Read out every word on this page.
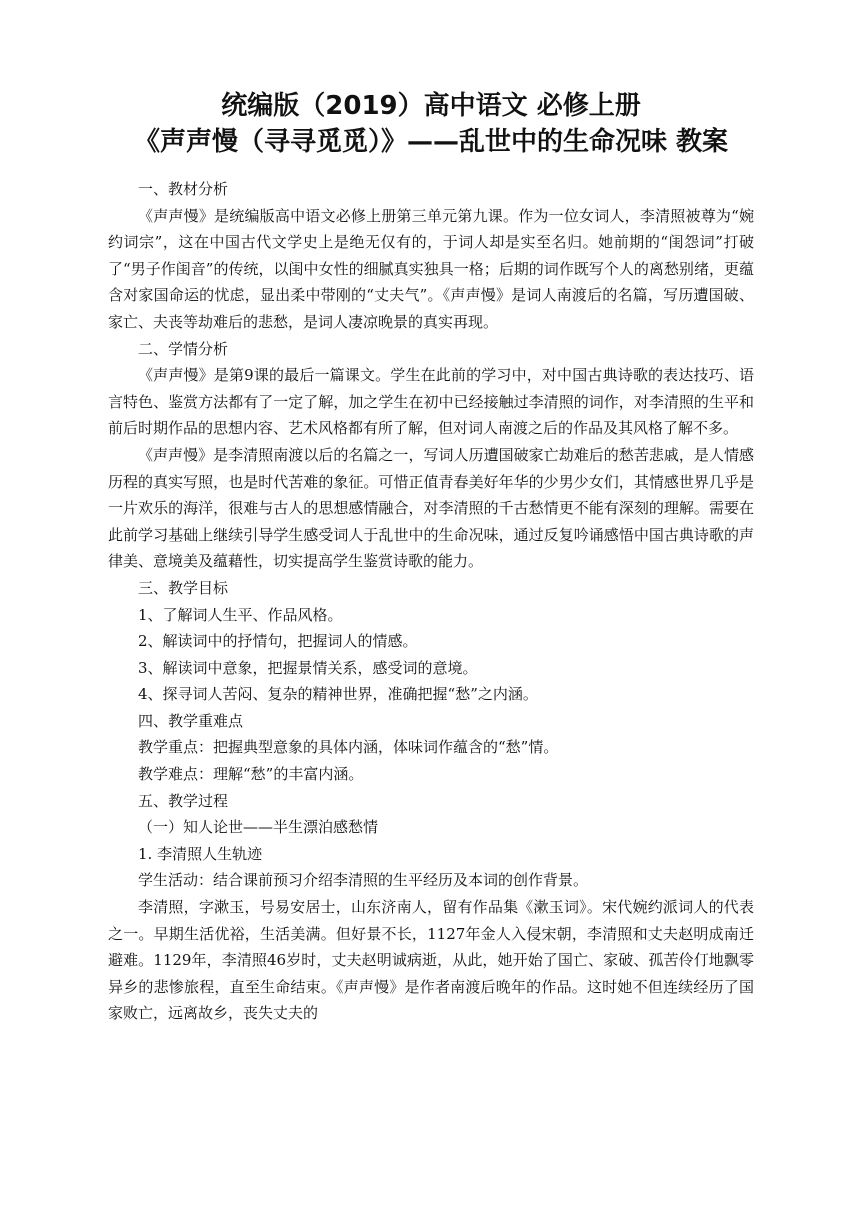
统编版（2019）高中语文 必修上册
《声声慢（寻寻觅觅）》——乱世中的生命况味 教案

一、教材分析

《声声慢》是统编版高中语文必修上册第三单元第九课。作为一位女词人，李清照被尊为“婉约词宗”，这在中国古代文学史上是绝无仅有的，于词人却是实至名归。她前期的“闺怨词”打破了“男子作闺音”的传统，以闺中女性的细腻真实独具一格；后期的词作既写个人的离愁别绪，更蕴含对家国命运的忧虑，显出柔中带刚的“丈夫气”。《声声慢》是词人南渡后的名篇，写历遭国破、家亡、夫丧等劫难后的悲愁，是词人凄凉晚景的真实再现。

二、学情分析

《声声慢》是第9课的最后一篇课文。学生在此前的学习中，对中国古典诗歌的表达技巧、语言特色、鉴赏方法都有了一定了解，加之学生在初中已经接触过李清照的词作，对李清照的生平和前后时期作品的思想内容、艺术风格都有所了解，但对词人南渡之后的作品及其风格了解不多。

《声声慢》是李清照南渡以后的名篇之一，写词人历遭国破家亡劫难后的愁苦悲戚，是人情感历程的真实写照，也是时代苦难的象征。可惜正值青春美好年华的少男少女们，其情感世界几乎是一片欢乐的海洋，很难与古人的思想感情融合，对李清照的千古愁情更不能有深刻的理解。需要在此前学习基础上继续引导学生感受词人于乱世中的生命况味，通过反复吟诵感悟中国古典诗歌的声律美、意境美及蕴藉性，切实提高学生鉴赏诗歌的能力。

三、教学目标

1、了解词人生平、作品风格。

2、解读词中的抒情句，把握词人的情感。

3、解读词中意象，把握景情关系，感受词的意境。

4、探寻词人苦闷、复杂的精神世界，准确把握“愁”之内涵。

四、教学重难点

教学重点：把握典型意象的具体内涵，体味词作蕴含的“愁”情。

教学难点：理解“愁”的丰富内涵。

五、教学过程

（一）知人论世——半生漂泊感愁情

1. 李清照人生轨迹

学生活动：结合课前预习介绍李清照的生平经历及本词的创作背景。

李清照，字漱玉，号易安居士，山东济南人，留有作品集《漱玉词》。宋代婉约派词人的代表之一。早期生活优裕，生活美满。但好景不长，1127年金人入侵宋朝，李清照和丈夫赵明成南迁避难。1129年，李清照46岁时，丈夫赵明诚病逝，从此，她开始了国亡、家破、孤苦伶仃地飘零异乡的悲惨旅程，直至生命结束。《声声慢》是作者南渡后晚年的作品。这时她不但连续经历了国家败亡，远离故乡，丧失丈夫的
